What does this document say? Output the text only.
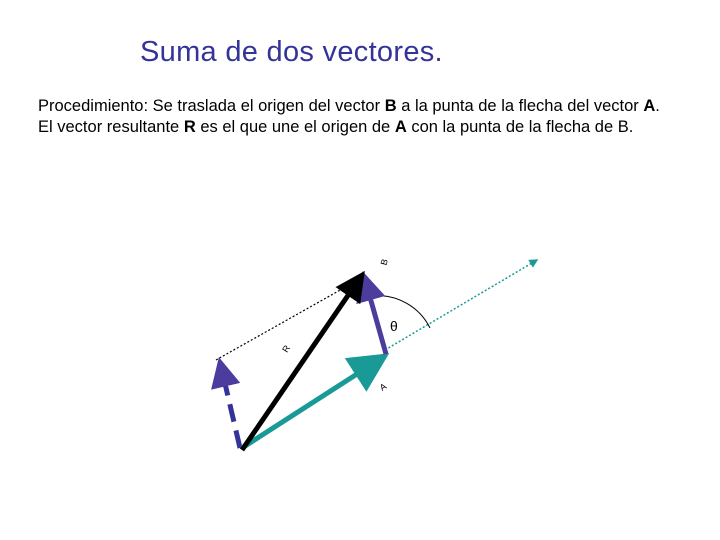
Suma de dos vectores.
Procedimiento: Se traslada el origen del vector B a la punta de la flecha del vector A. El vector resultante R es el que une el origen de A con la punta de la flecha de B.
B
R
A
θ
